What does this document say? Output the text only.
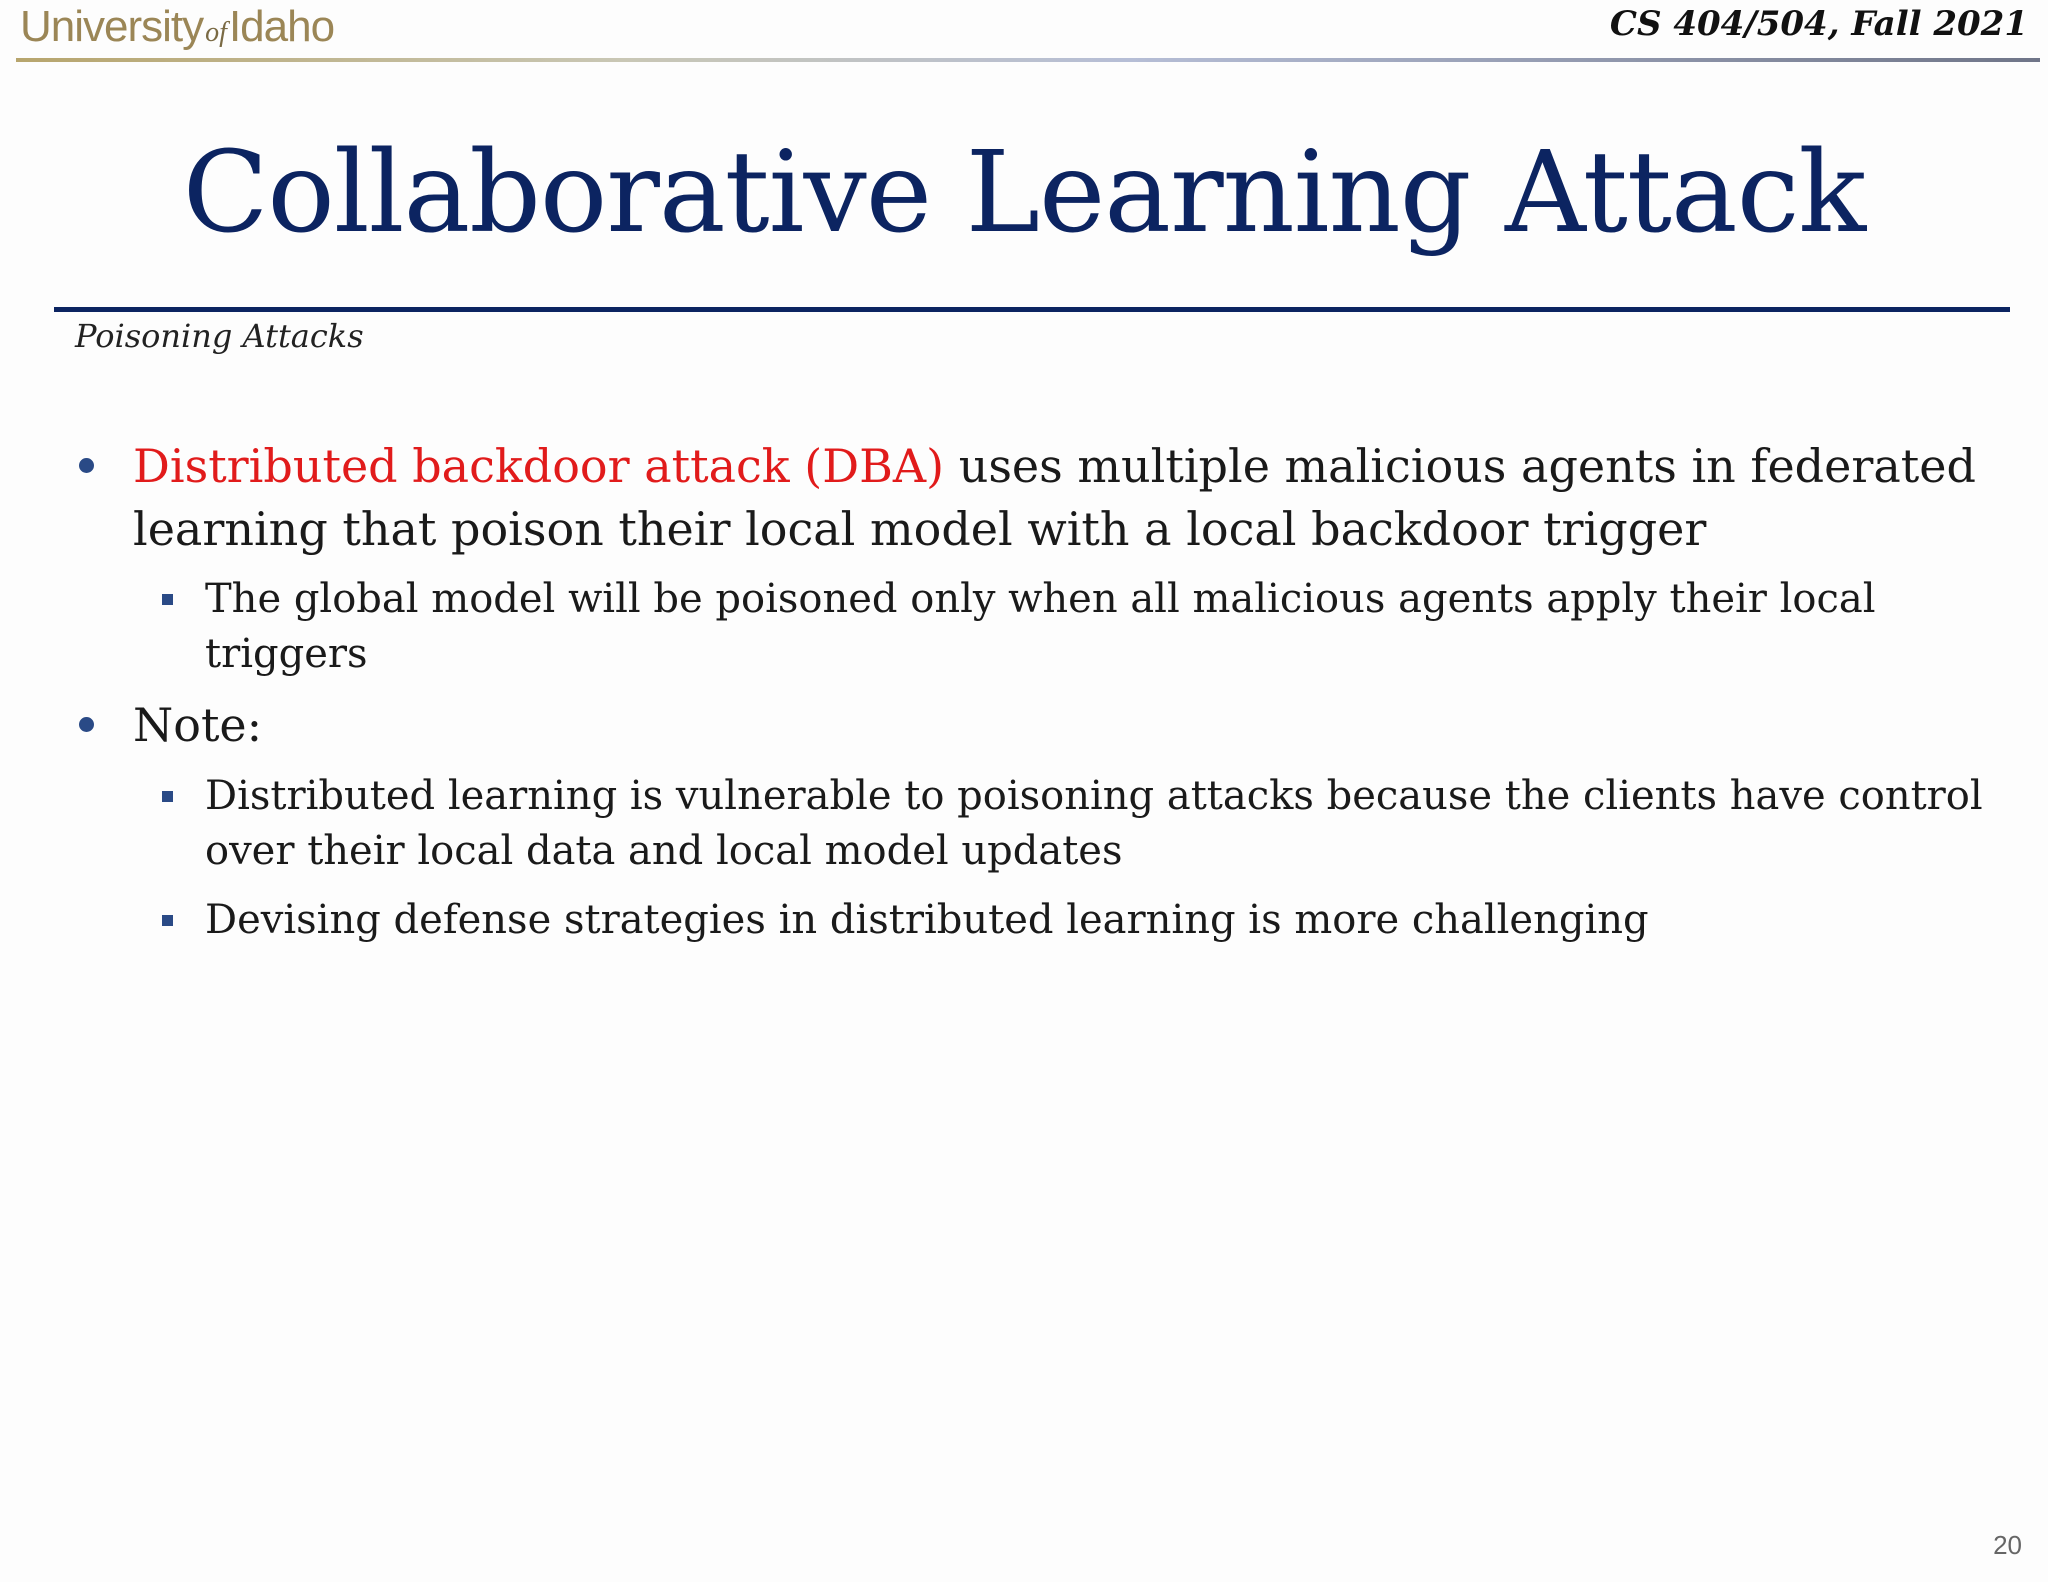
UniversityofIdaho	CS 404/504, Fall 2021
Collaborative Learning Attack
Poisoning Attacks
Distributed backdoor attack (DBA) uses multiple malicious agents in federated
learning that poison their local model with a local backdoor trigger
The global model will be poisoned only when all malicious agents apply their local
triggers
Note:
Distributed learning is vulnerable to poisoning attacks because the clients have control
over their local data and local model updates
Devising defense strategies in distributed learning is more challenging
20
